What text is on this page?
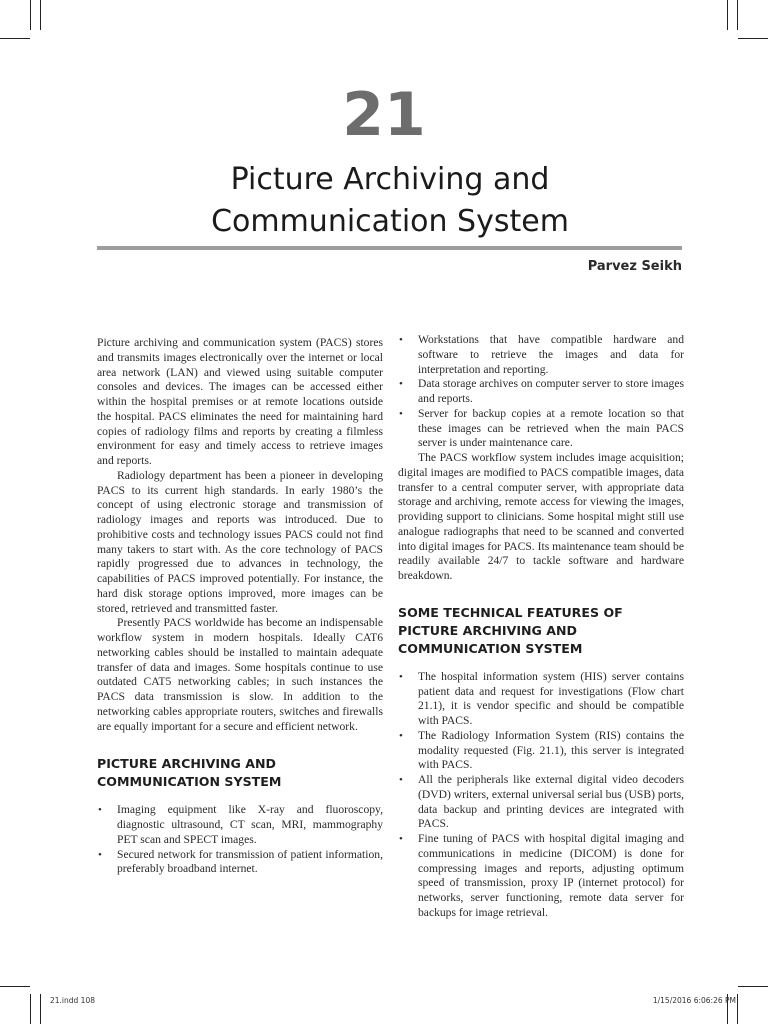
21
Picture Archiving and
Communication System
Parvez Seikh

Picture archiving and communication system (PACS) stores and transmits images electronically over the internet or local area network (LAN) and viewed using suitable computer consoles and devices. The images can be accessed either within the hospital premises or at remote locations outside the hospital. PACS eliminates the need for maintaining hard copies of radiology films and reports by creating a filmless environment for easy and timely access to retrieve images and reports.

Radiology department has been a pioneer in developing PACS to its current high standards. In early 1980’s the concept of using electronic storage and transmission of radiology images and reports was introduced. Due to prohibitive costs and technology issues PACS could not find many takers to start with. As the core technology of PACS rapidly progressed due to advances in technology, the capabilities of PACS improved potentially. For instance, the hard disk storage options improved, more images can be stored, retrieved and transmitted faster.

Presently PACS worldwide has become an indispensable workflow system in modern hospitals. Ideally CAT6 networking cables should be installed to maintain adequate transfer of data and images. Some hospitals continue to use outdated CAT5 networking cables; in such instances the PACS data transmission is slow. In addition to the networking cables appropriate routers, switches and firewalls are equally important for a secure and efficient network.

PICTURE ARCHIVING AND COMMUNICATION SYSTEM
• Imaging equipment like X-ray and fluoroscopy, diagnostic ultrasound, CT scan, MRI, mammography PET scan and SPECT images.
• Secured network for transmission of patient information, preferably broadband internet.
• Workstations that have compatible hardware and software to retrieve the images and data for interpretation and reporting.
• Data storage archives on computer server to store images and reports.
• Server for backup copies at a remote location so that these images can be retrieved when the main PACS server is under maintenance care.

The PACS workflow system includes image acquisition; digital images are modified to PACS compatible images, data transfer to a central computer server, with appropriate data storage and archiving, remote access for viewing the images, providing support to clinicians. Some hospital might still use analogue radiographs that need to be scanned and converted into digital images for PACS. Its maintenance team should be readily available 24/7 to tackle software and hardware breakdown.

SOME TECHNICAL FEATURES OF PICTURE ARCHIVING AND COMMUNICATION SYSTEM
• The hospital information system (HIS) server contains patient data and request for investigations (Flow chart 21.1), it is vendor specific and should be compatible with PACS.
• The Radiology Information System (RIS) contains the modality requested (Fig. 21.1), this server is integrated with PACS.
• All the peripherals like external digital video decoders (DVD) writers, external universal serial bus (USB) ports, data backup and printing devices are integrated with PACS.
• Fine tuning of PACS with hospital digital imaging and communications in medicine (DICOM) is done for compressing images and reports, adjusting optimum speed of transmission, proxy IP (internet protocol) for networks, server functioning, remote data server for backups for image retrieval.
21.indd 108	1/15/2016 6:06:26 PM
